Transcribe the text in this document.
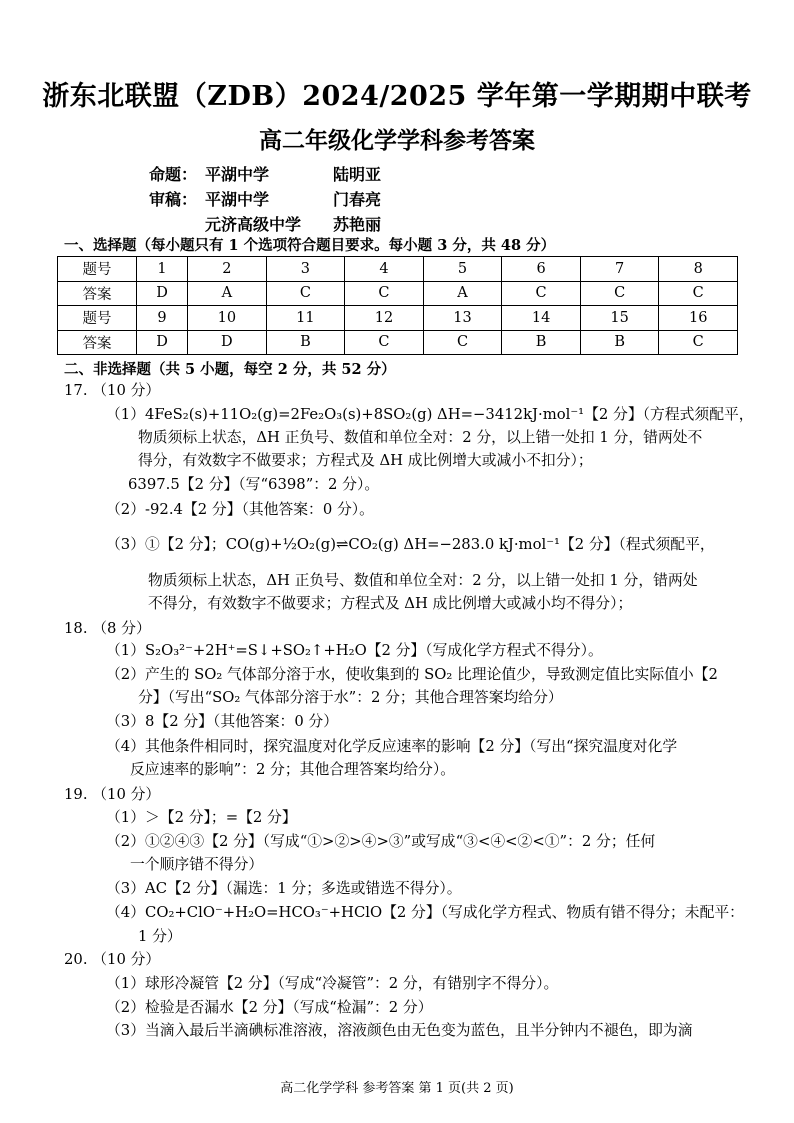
浙东北联盟（ZDB）2024/2025 学年第一学期期中联考
高二年级化学学科参考答案
命题： 平湖中学	陆明亚
审稿： 平湖中学	门春亮
元济高级中学 苏艳丽
一、选择题（每小题只有 1 个选项符合题目要求。每小题 3 分，共 48 分）
题号	1	2	3	4	5	6	7	8
答案	D	A	C	C	A	C	C	C
题号	9	10	11	12	13	14	15	16
答案	D	D	B	C	C	B	B	C
二、非选择题（共 5 小题，每空 2 分，共 52 分）
17. （10 分）
（1）4FeS₂(s)+11O₂(g)=2Fe₂O₃(s)+8SO₂(g) ΔH=−3412kJ·mol⁻¹【2 分】（方程式须配平，
物质须标上状态，ΔH 正负号、数值和单位全对：2 分，以上错一处扣 1 分，错两处不
得分，有效数字不做要求；方程式及 ΔH 成比例增大或减小不扣分）；
6397.5【2 分】（写“6398”：2 分）。
（2）-92.4【2 分】（其他答案：0 分）。
（3）①【2 分】；CO(g)+½O₂(g)⇌CO₂(g) ΔH=−283.0 kJ·mol⁻¹【2 分】（程式须配平，
物质须标上状态，ΔH 正负号、数值和单位全对：2 分，以上错一处扣 1 分，错两处
不得分，有效数字不做要求；方程式及 ΔH 成比例增大或减小均不得分）；
18. （8 分）
（1）S₂O₃²⁻+2H⁺=S↓+SO₂↑+H₂O【2 分】（写成化学方程式不得分）。
（2）产生的 SO₂ 气体部分溶于水，使收集到的 SO₂ 比理论值少，导致测定值比实际值小【2
分】（写出“SO₂ 气体部分溶于水”：2 分；其他合理答案均给分）
（3）8【2 分】（其他答案：0 分）
（4）其他条件相同时，探究温度对化学反应速率的影响【2 分】（写出“探究温度对化学
反应速率的影响”：2 分；其他合理答案均给分）。
19. （10 分）
（1）＞【2 分】；=【2 分】
（2）①②④③【2 分】（写成“①>②>④>③”或写成“③<④<②<①”：2 分；任何
一个顺序错不得分）
（3）AC【2 分】（漏选：1 分；多选或错选不得分）。
（4）CO₂+ClO⁻+H₂O=HCO₃⁻+HClO【2 分】（写成化学方程式、物质有错不得分；未配平：
1 分）
20. （10 分）
（1）球形冷凝管【2 分】（写成“冷凝管”：2 分，有错别字不得分）。
（2）检验是否漏水【2 分】（写成“检漏”：2 分）
（3）当滴入最后半滴碘标准溶液，溶液颜色由无色变为蓝色，且半分钟内不褪色，即为滴
高二化学学科 参考答案 第 1 页(共 2 页)
